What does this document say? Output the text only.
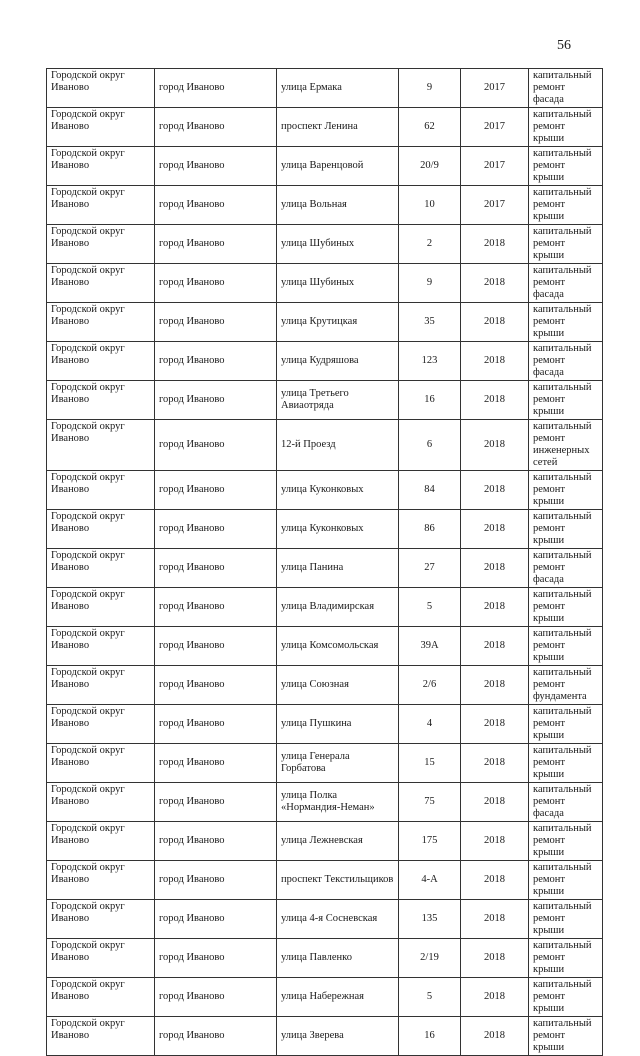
56
Городской округ Иваново	город Иваново	улица Ермака	9	2017	капитальный ремонт фасада
Городской округ Иваново	город Иваново	проспект Ленина	62	2017	капитальный ремонт крыши
Городской округ Иваново	город Иваново	улица Варенцовой	20/9	2017	капитальный ремонт крыши
Городской округ Иваново	город Иваново	улица Вольная	10	2017	капитальный ремонт крыши
Городской округ Иваново	город Иваново	улица Шубиных	2	2018	капитальный ремонт крыши
Городской округ Иваново	город Иваново	улица Шубиных	9	2018	капитальный ремонт фасада
Городской округ Иваново	город Иваново	улица Крутицкая	35	2018	капитальный ремонт крыши
Городской округ Иваново	город Иваново	улица Кудряшова	123	2018	капитальный ремонт фасада
Городской округ Иваново	город Иваново	улица Третьего Авиаотряда	16	2018	капитальный ремонт крыши
Городской округ Иваново	город Иваново	12-й Проезд	6	2018	капитальный ремонт инженерных сетей
Городской округ Иваново	город Иваново	улица Куконковых	84	2018	капитальный ремонт крыши
Городской округ Иваново	город Иваново	улица Куконковых	86	2018	капитальный ремонт крыши
Городской округ Иваново	город Иваново	улица Панина	27	2018	капитальный ремонт фасада
Городской округ Иваново	город Иваново	улица Владимирская	5	2018	капитальный ремонт крыши
Городской округ Иваново	город Иваново	улица Комсомольская	39А	2018	капитальный ремонт крыши
Городской округ Иваново	город Иваново	улица Союзная	2/6	2018	капитальный ремонт фундамента
Городской округ Иваново	город Иваново	улица Пушкина	4	2018	капитальный ремонт крыши
Городской округ Иваново	город Иваново	улица Генерала Горбатова	15	2018	капитальный ремонт крыши
Городской округ Иваново	город Иваново	улица Полка «Нормандия-Неман»	75	2018	капитальный ремонт фасада
Городской округ Иваново	город Иваново	улица Лежневская	175	2018	капитальный ремонт крыши
Городской округ Иваново	город Иваново	проспект Текстильщиков	4-А	2018	капитальный ремонт крыши
Городской округ Иваново	город Иваново	улица 4-я Сосневская	135	2018	капитальный ремонт крыши
Городской округ Иваново	город Иваново	улица Павленко	2/19	2018	капитальный ремонт крыши
Городской округ Иваново	город Иваново	улица Набережная	5	2018	капитальный ремонт крыши
Городской округ Иваново	город Иваново	улица Зверева	16	2018	капитальный ремонт крыши
